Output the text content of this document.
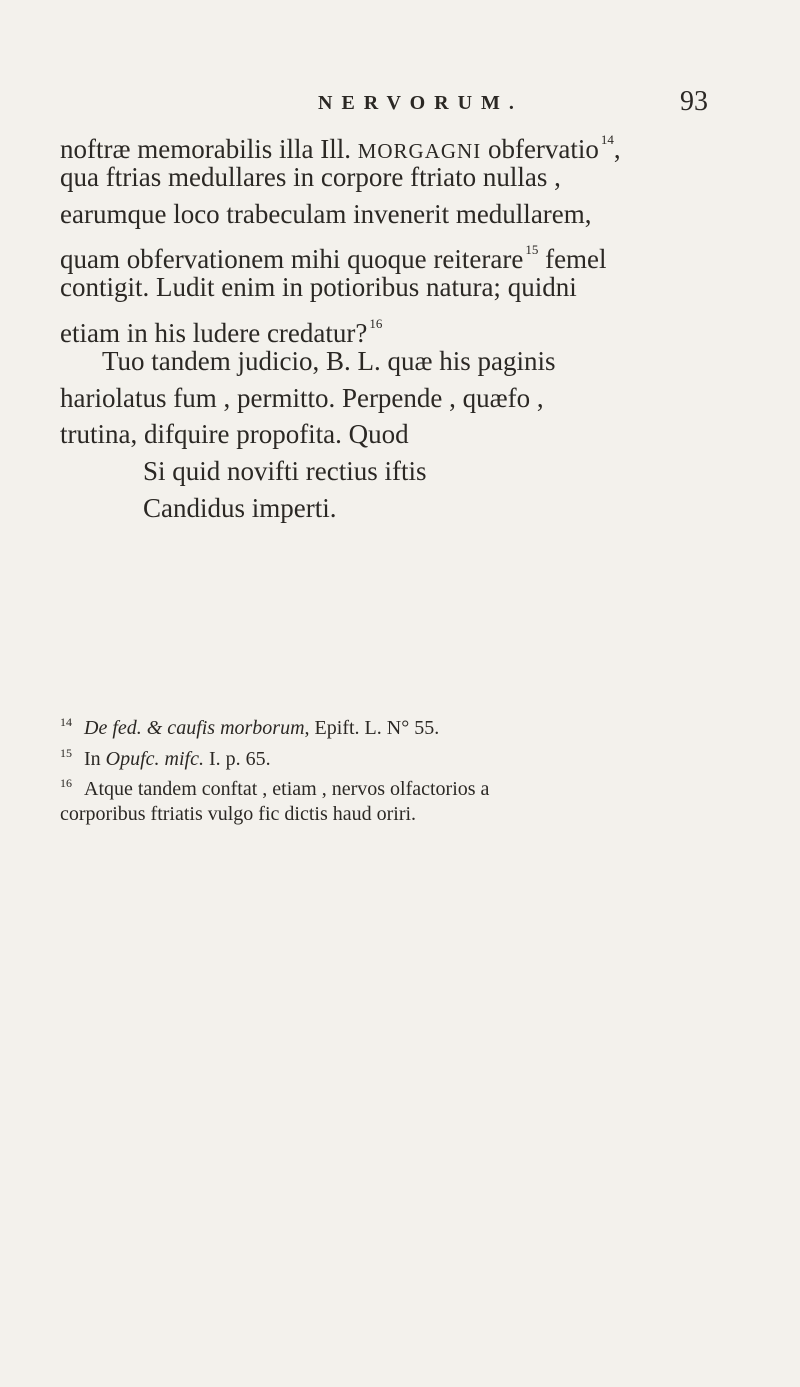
NERVORUM.	93
noftræ memorabilis illa Ill. MORGAGNI obfervatio $^{14}$,
qua ftrias medullares in corpore ftriato nullas ,
earumque loco trabeculam invenerit medullarem,
quam obfervationem mihi quoque reiterare $^{15}$ femel
contigit. Ludit enim in potioribus natura; quidni
etiam in his ludere credatur? $^{16}$
Tuo tandem judicio, B. L. quæ his paginis
hariolatus fum , permitto. Perpende , quæfo ,
trutina, difquire propofita. Quod
Si quid novifti rectius iftis
Candidus imperti.
14 De fed. & caufis morborum, Epift. L. N° 55.
15 In Opufc. mifc. I. p. 65.
16 Atque tandem conftat , etiam , nervos olfactorios a
corporibus ftriatis vulgo fic dictis haud oriri.
